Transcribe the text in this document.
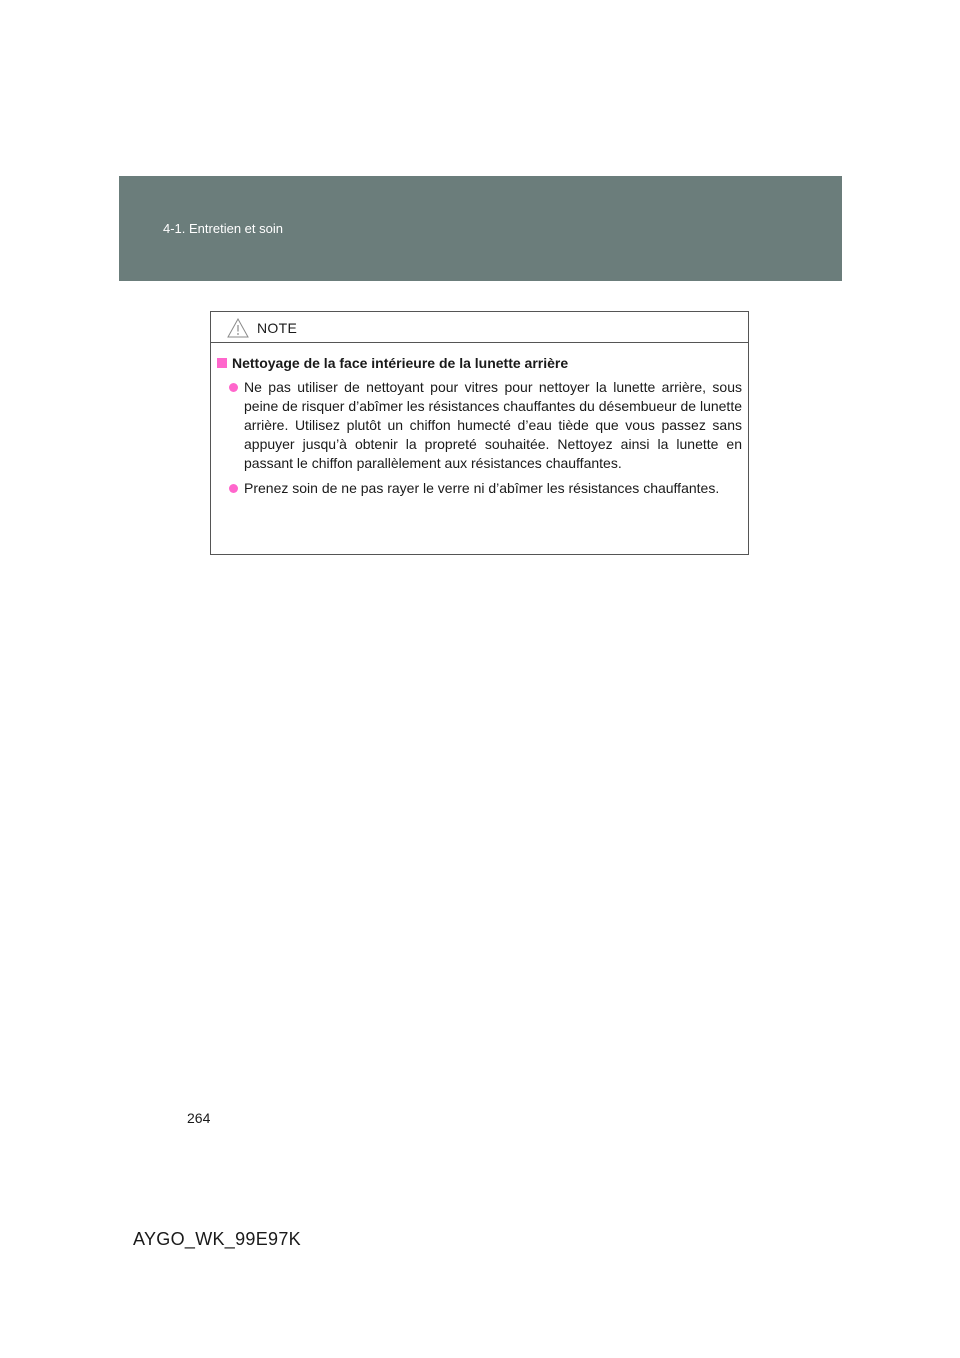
4-1. Entretien et soin
NOTE
Nettoyage de la face intérieure de la lunette arrière
Ne pas utiliser de nettoyant pour vitres pour nettoyer la lunette arrière, sous peine de risquer d’abîmer les résistances chauffantes du désembueur de lunette arrière. Utilisez plutôt un chiffon humecté d’eau tiède que vous passez sans appuyer jusqu’à obtenir la propreté souhaitée. Nettoyez ainsi la lunette en passant le chiffon parallèlement aux résistances chauffantes.
Prenez soin de ne pas rayer le verre ni d’abîmer les résistances chauffantes.
264
AYGO_WK_99E97K
